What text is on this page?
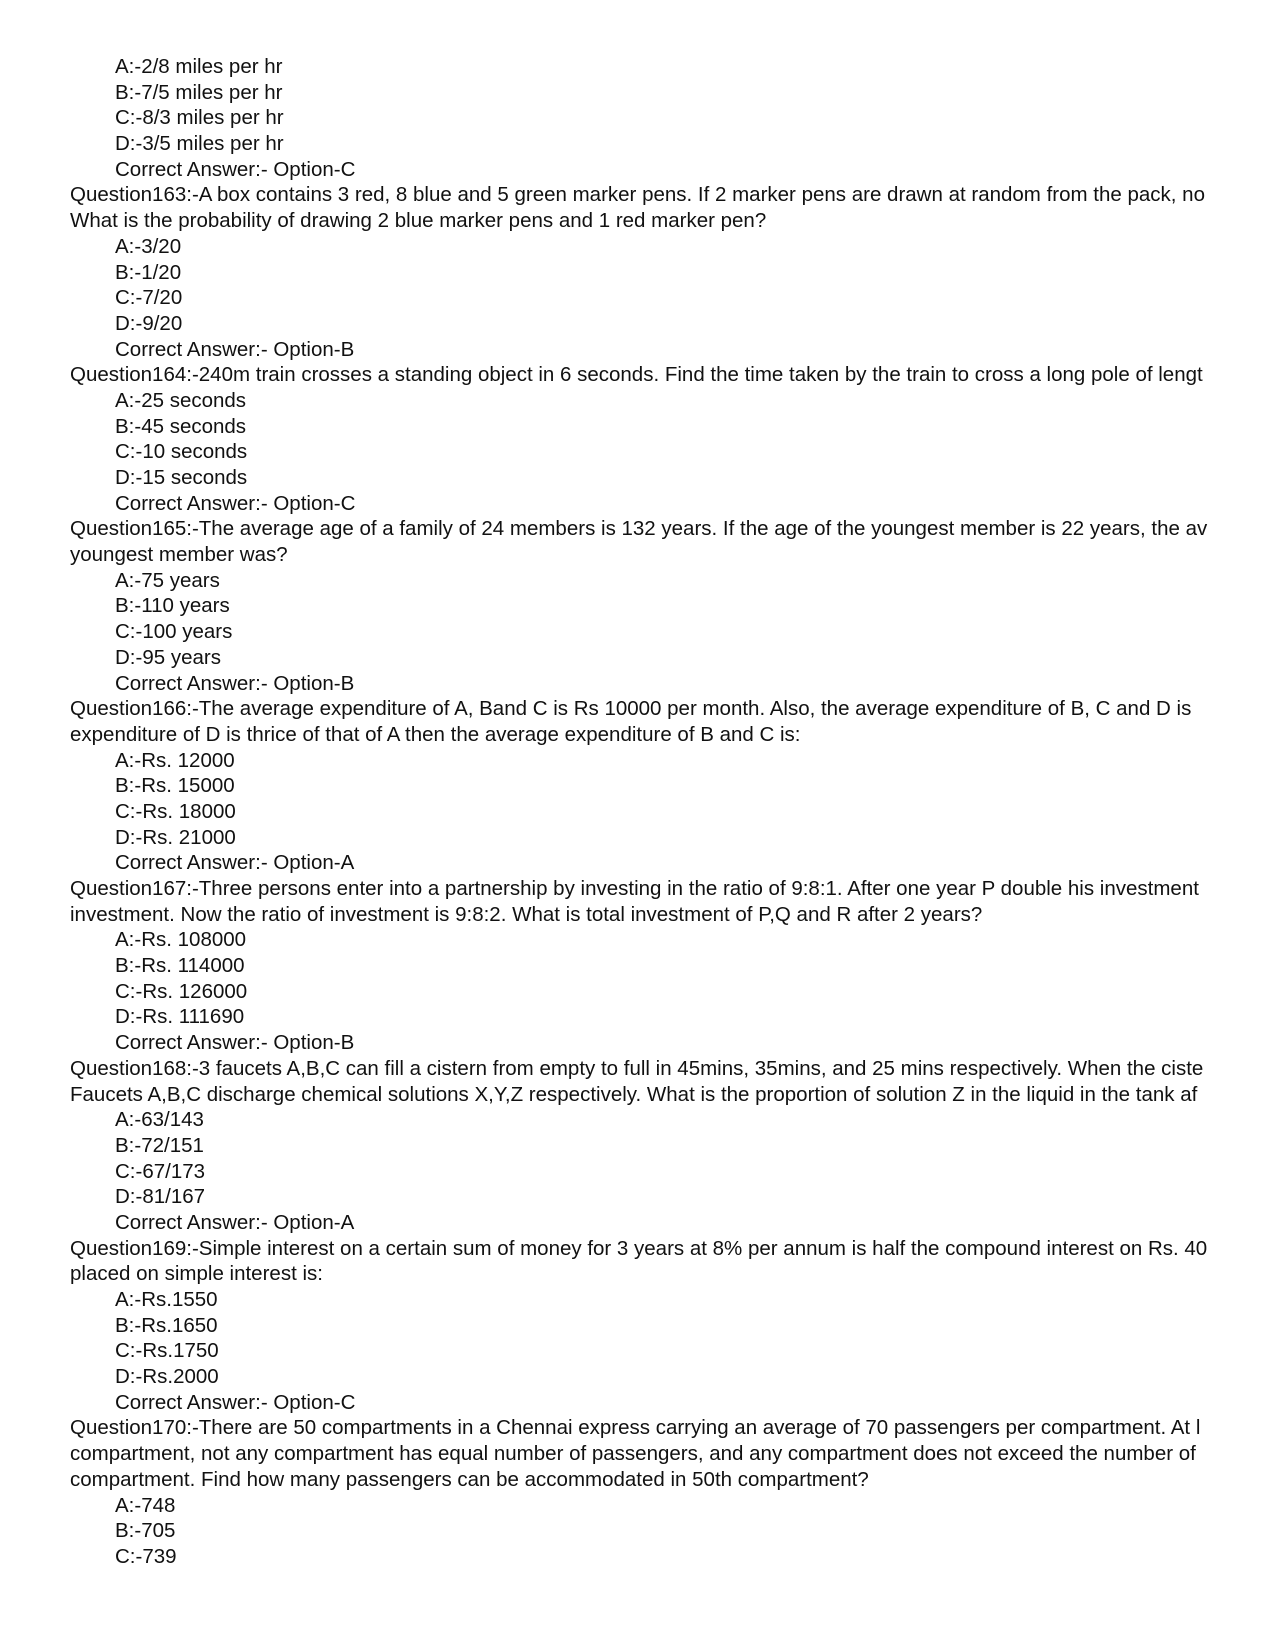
A:-2/8 miles per hr
B:-7/5 miles per hr
C:-8/3 miles per hr
D:-3/5 miles per hr
Correct Answer:- Option-C
Question163:-A box contains 3 red, 8 blue and 5 green marker pens. If 2 marker pens are drawn at random from the pack, no
What is the probability of drawing 2 blue marker pens and 1 red marker pen?
A:-3/20
B:-1/20
C:-7/20
D:-9/20
Correct Answer:- Option-B
Question164:-240m train crosses a standing object in 6 seconds. Find the time taken by the train to cross a long pole of lengt
A:-25 seconds
B:-45 seconds
C:-10 seconds
D:-15 seconds
Correct Answer:- Option-C
Question165:-The average age of a family of 24 members is 132 years. If the age of the youngest member is 22 years, the av
youngest member was?
A:-75 years
B:-110 years
C:-100 years
D:-95 years
Correct Answer:- Option-B
Question166:-The average expenditure of A, Band C is Rs 10000 per month. Also, the average expenditure of B, C and D is
expenditure of D is thrice of that of A then the average expenditure of B and C is:
A:-Rs. 12000
B:-Rs. 15000
C:-Rs. 18000
D:-Rs. 21000
Correct Answer:- Option-A
Question167:-Three persons enter into a partnership by investing in the ratio of 9:8:1. After one year P double his investment
investment. Now the ratio of investment is 9:8:2. What is total investment of P,Q and R after 2 years?
A:-Rs. 108000
B:-Rs. 114000
C:-Rs. 126000
D:-Rs. 111690
Correct Answer:- Option-B
Question168:-3 faucets A,B,C can fill a cistern from empty to full in 45mins, 35mins, and 25 mins respectively. When the ciste
Faucets A,B,C discharge chemical solutions X,Y,Z respectively. What is the proportion of solution Z in the liquid in the tank af
A:-63/143
B:-72/151
C:-67/173
D:-81/167
Correct Answer:- Option-A
Question169:-Simple interest on a certain sum of money for 3 years at 8% per annum is half the compound interest on Rs. 40
placed on simple interest is:
A:-Rs.1550
B:-Rs.1650
C:-Rs.1750
D:-Rs.2000
Correct Answer:- Option-C
Question170:-There are 50 compartments in a Chennai express carrying an average of 70 passengers per compartment. At l
compartment, not any compartment has equal number of passengers, and any compartment does not exceed the number of
compartment. Find how many passengers can be accommodated in 50th compartment?
A:-748
B:-705
C:-739
